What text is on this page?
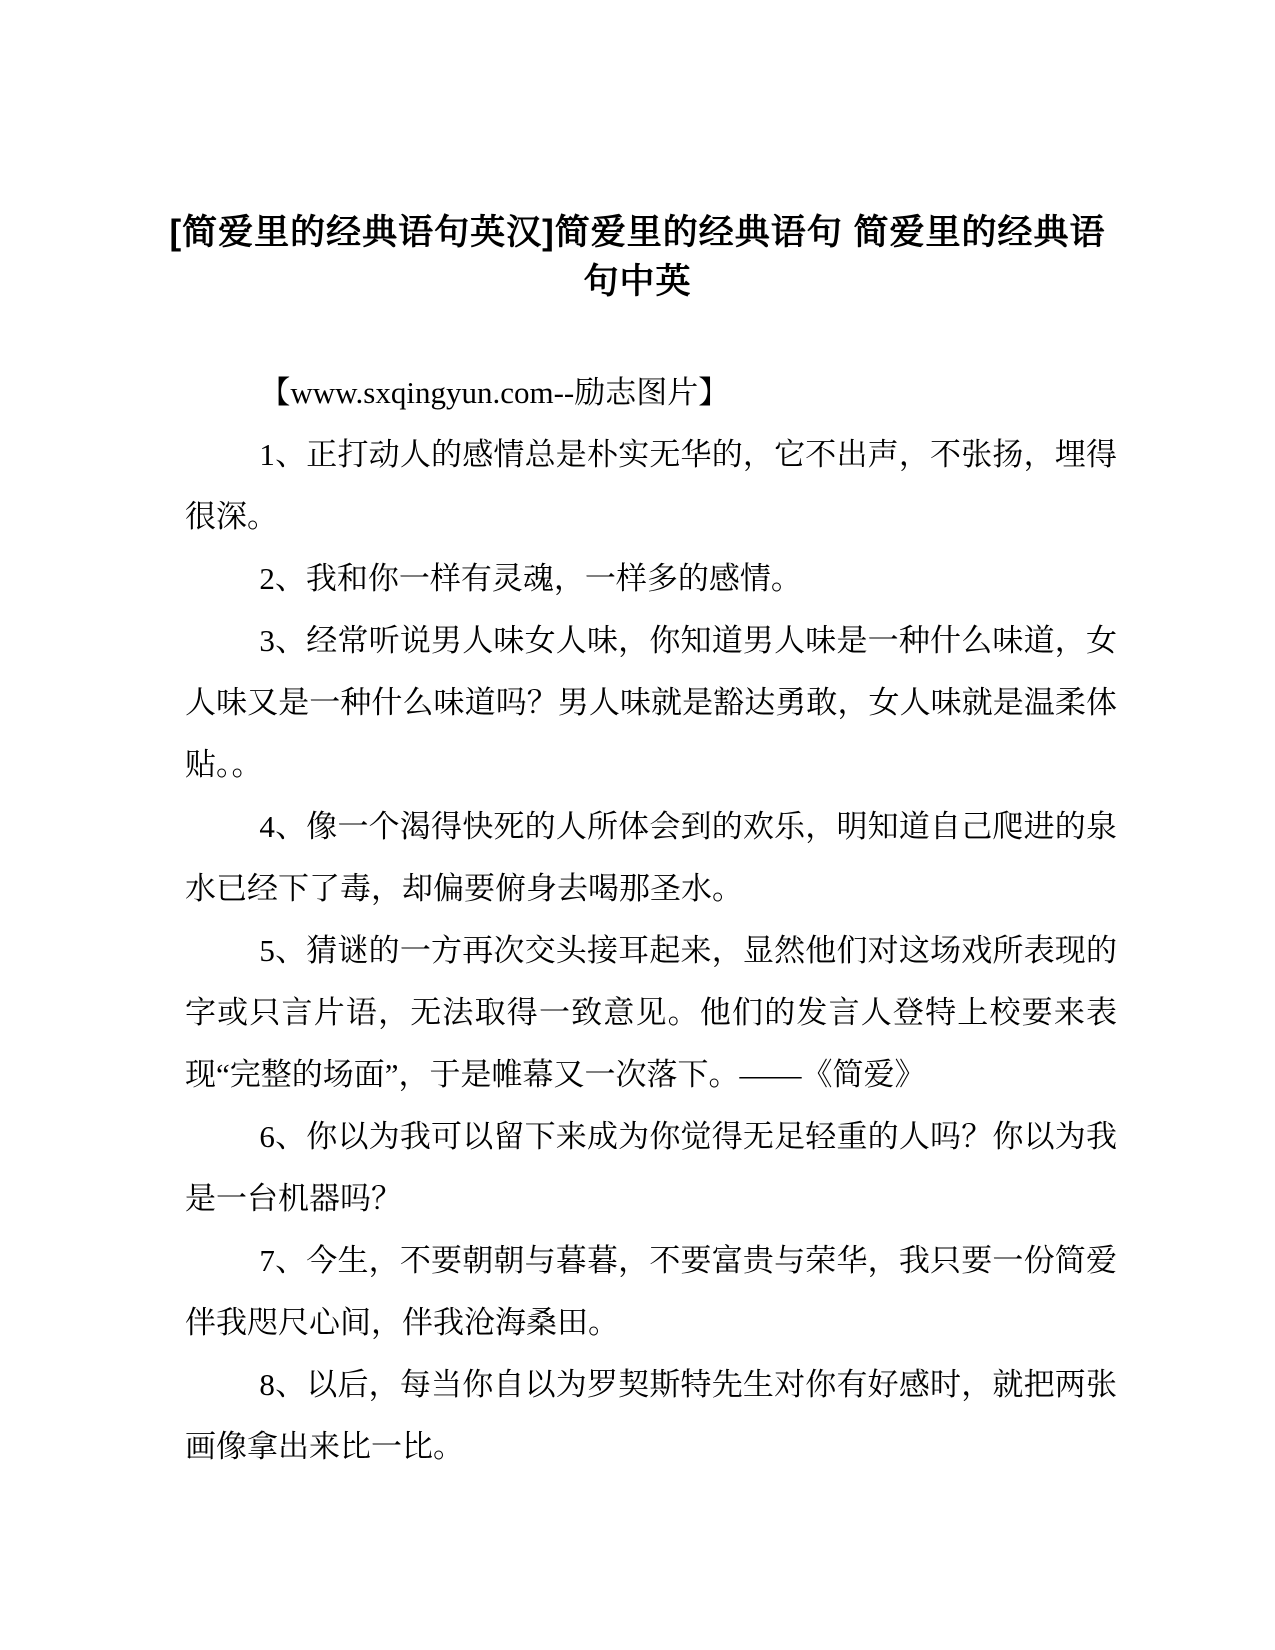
[简爱里的经典语句英汉]简爱里的经典语句 简爱里的经典语
句中英

【www.sxqingyun.com--励志图片】

1、正打动人的感情总是朴实无华的，它不出声，不张扬，埋得很深。

2、我和你一样有灵魂，一样多的感情。

3、经常听说男人味女人味，你知道男人味是一种什么味道，女人味又是一种什么味道吗？男人味就是豁达勇敢，女人味就是温柔体贴。。

4、像一个渴得快死的人所体会到的欢乐，明知道自己爬进的泉水已经下了毒，却偏要俯身去喝那圣水。

5、猜谜的一方再次交头接耳起来，显然他们对这场戏所表现的字或只言片语，无法取得一致意见。他们的发言人登特上校要来表现“完整的场面”，于是帷幕又一次落下。——《简爱》

6、你以为我可以留下来成为你觉得无足轻重的人吗？你以为我是一台机器吗？

7、今生，不要朝朝与暮暮，不要富贵与荣华，我只要一份简爱伴我咫尺心间，伴我沧海桑田。

8、以后，每当你自以为罗契斯特先生对你有好感时，就把两张画像拿出来比一比。
